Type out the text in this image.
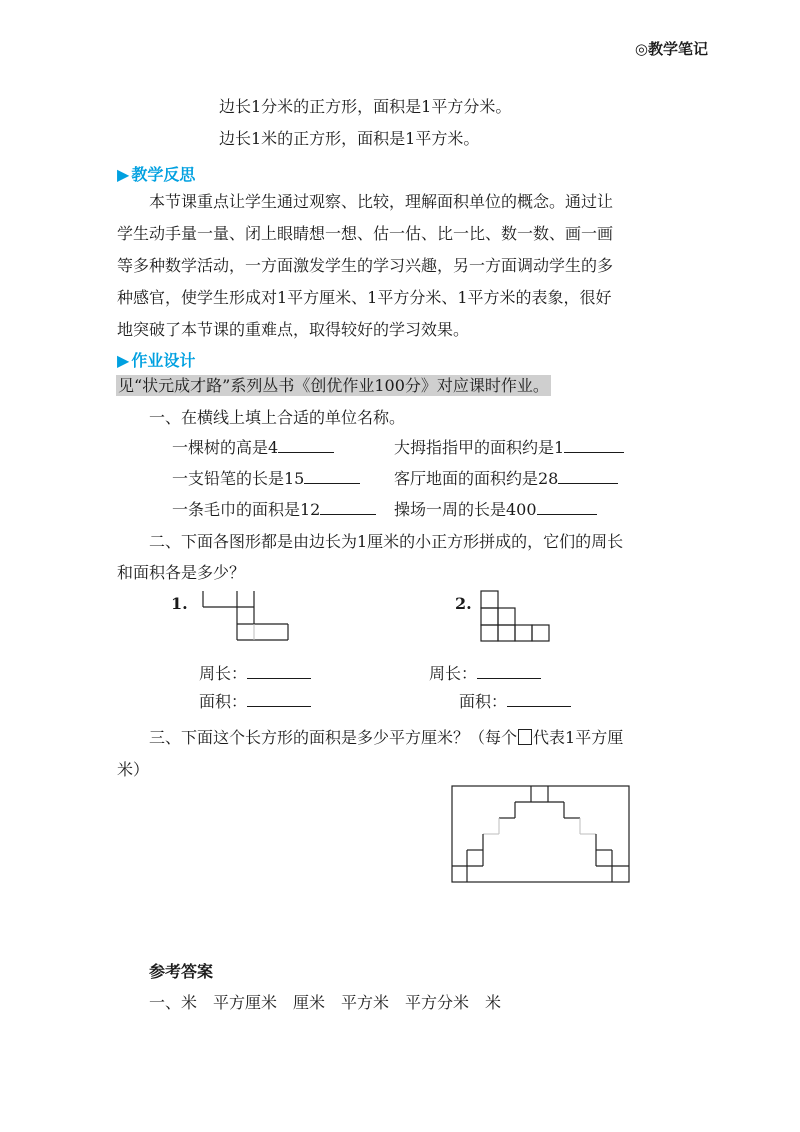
◎教学笔记
边长1分米的正方形，面积是1平方分米。
边长1米的正方形，面积是1平方米。
▶ 教学反思
本节课重点让学生通过观察、比较，理解面积单位的概念。通过让
学生动手量一量、闭上眼睛想一想、估一估、比一比、数一数、画一画
等多种数学活动，一方面激发学生的学习兴趣，另一方面调动学生的多
种感官，使学生形成对1平方厘米、1平方分米、1平方米的表象，很好
地突破了本节课的重难点，取得较好的学习效果。
▶ 作业设计
见“状元成才路”系列丛书《创优作业100分》对应课时作业。
一、在横线上填上合适的单位名称。
一棵树的高是4	大拇指指甲的面积约是1
一支铅笔的长是15	客厅地面的面积约是28
一条毛巾的面积是12	操场一周的长是400
二、下面各图形都是由边长为1厘米的小正方形拼成的，它们的周长
和面积各是多少？
1.	2.
周长：
面积：
周长：
面积：
三、下面这个长方形的面积是多少平方厘米？（每个 代表1平方厘
米）
参考答案
一、米　平方厘米　厘米　平方米　平方分米　米
